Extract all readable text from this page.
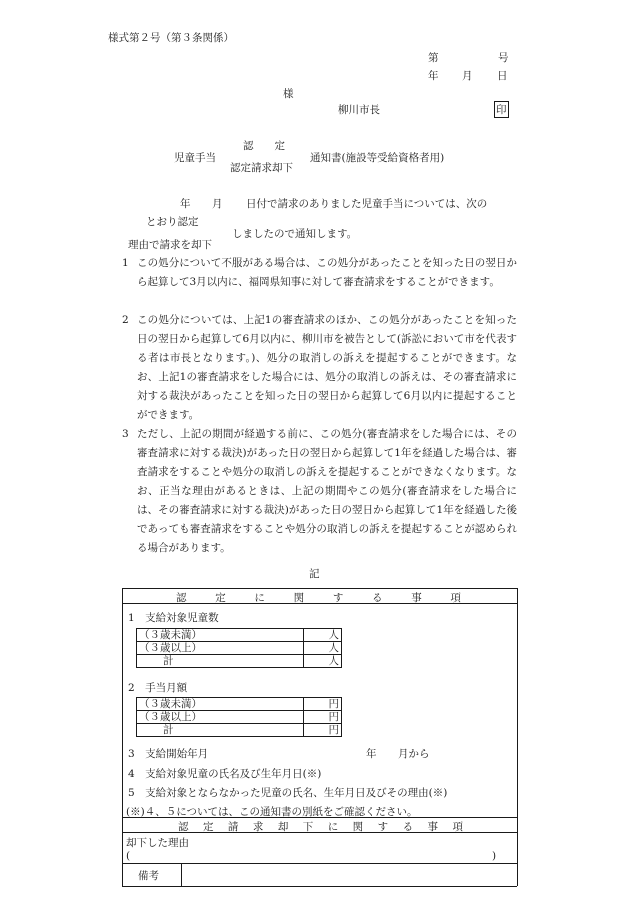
様式第２号（第３条関係）
第	号
年 月 日
様
柳川市長	印
認　　定
児童手当
認定請求却下
通知書(施設等受給資格者用)
年 月 日付で請求のありました児童手当については、次の
とおり認定
しましたので通知します。
理由で請求を却下
1 この処分について不服がある場合は、この処分があったことを知った日の翌日から起算して3月以内に、福岡県知事に対して審査請求をすることができます。
2 この処分については、上記1の審査請求のほか、この処分があったことを知った日の翌日から起算して6月以内に、柳川市を被告として(訴訟において市を代表する者は市長となります。)、処分の取消しの訴えを提起することができます。なお、上記1の審査請求をした場合には、処分の取消しの訴えは、その審査請求に対する裁決があったことを知った日の翌日から起算して6月以内に提起することができます。
3 ただし、上記の期間が経過する前に、この処分(審査請求をした場合には、その審査請求に対する裁決)があった日の翌日から起算して1年を経過した場合は、審査請求をすることや処分の取消しの訴えを提起することができなくなります。なお、正当な理由があるときは、上記の期間やこの処分(審査請求をした場合には、その審査請求に対する裁決)があった日の翌日から起算して1年を経過した後であっても審査請求をすることや処分の取消しの訴えを提起することが認められる場合があります。
記
認	定	に	関	す	る	事	項
1　支給対象児童数
（３歳未満）	人
（３歳以上）	人
計	人
2　手当月額
（３歳未満）	円
（３歳以上）	円
計	円
3　支給開始年月	年 月から
4　支給対象児童の氏名及び生年月日(※)
5　支給対象とならなかった児童の氏名、生年月日及びその理由(※)
(※)４、５については、この通知書の別紙をご確認ください。
認 定 請 求 却 下 に 関 す る 事 項
却下した理由
(	)
備考
